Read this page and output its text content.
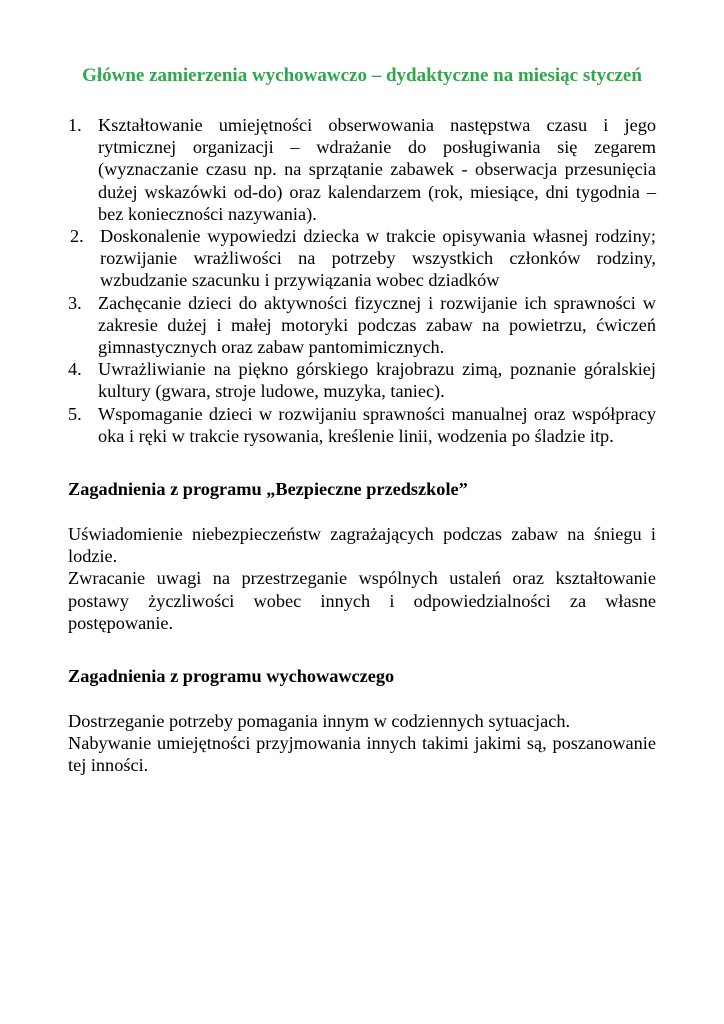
Główne zamierzenia wychowawczo – dydaktyczne na miesiąc styczeń
1. Kształtowanie umiejętności obserwowania następstwa czasu i jego rytmicznej organizacji – wdrażanie do posługiwania się zegarem (wyznaczanie czasu np. na sprzątanie zabawek - obserwacja przesunięcia dużej wskazówki od-do) oraz kalendarzem (rok, miesiące, dni tygodnia – bez konieczności nazywania).
2. Doskonalenie wypowiedzi dziecka w trakcie opisywania własnej rodziny; rozwijanie wrażliwości na potrzeby wszystkich członków rodziny, wzbudzanie szacunku i przywiązania wobec dziadków
3. Zachęcanie dzieci do aktywności fizycznej i rozwijanie ich sprawności w zakresie dużej i małej motoryki podczas zabaw na powietrzu, ćwiczeń gimnastycznych oraz zabaw pantomimicznych.
4. Uwrażliwianie na piękno górskiego krajobrazu zimą, poznanie góralskiej kultury (gwara, stroje ludowe, muzyka, taniec).
5. Wspomaganie dzieci w rozwijaniu sprawności manualnej oraz współpracy oka i ręki w trakcie rysowania, kreślenie linii, wodzenia po śladzie itp.
Zagadnienia z programu „Bezpieczne przedszkole”

Uświadomienie niebezpieczeństw zagrażających podczas zabaw na śniegu i lodzie.

Zwracanie uwagi na przestrzeganie wspólnych ustaleń oraz kształtowanie postawy życzliwości wobec innych i odpowiedzialności za własne postępowanie.

Zagadnienia z programu wychowawczego

Dostrzeganie potrzeby pomagania innym w codziennych sytuacjach.

Nabywanie umiejętności przyjmowania innych takimi jakimi są, poszanowanie tej inności.
